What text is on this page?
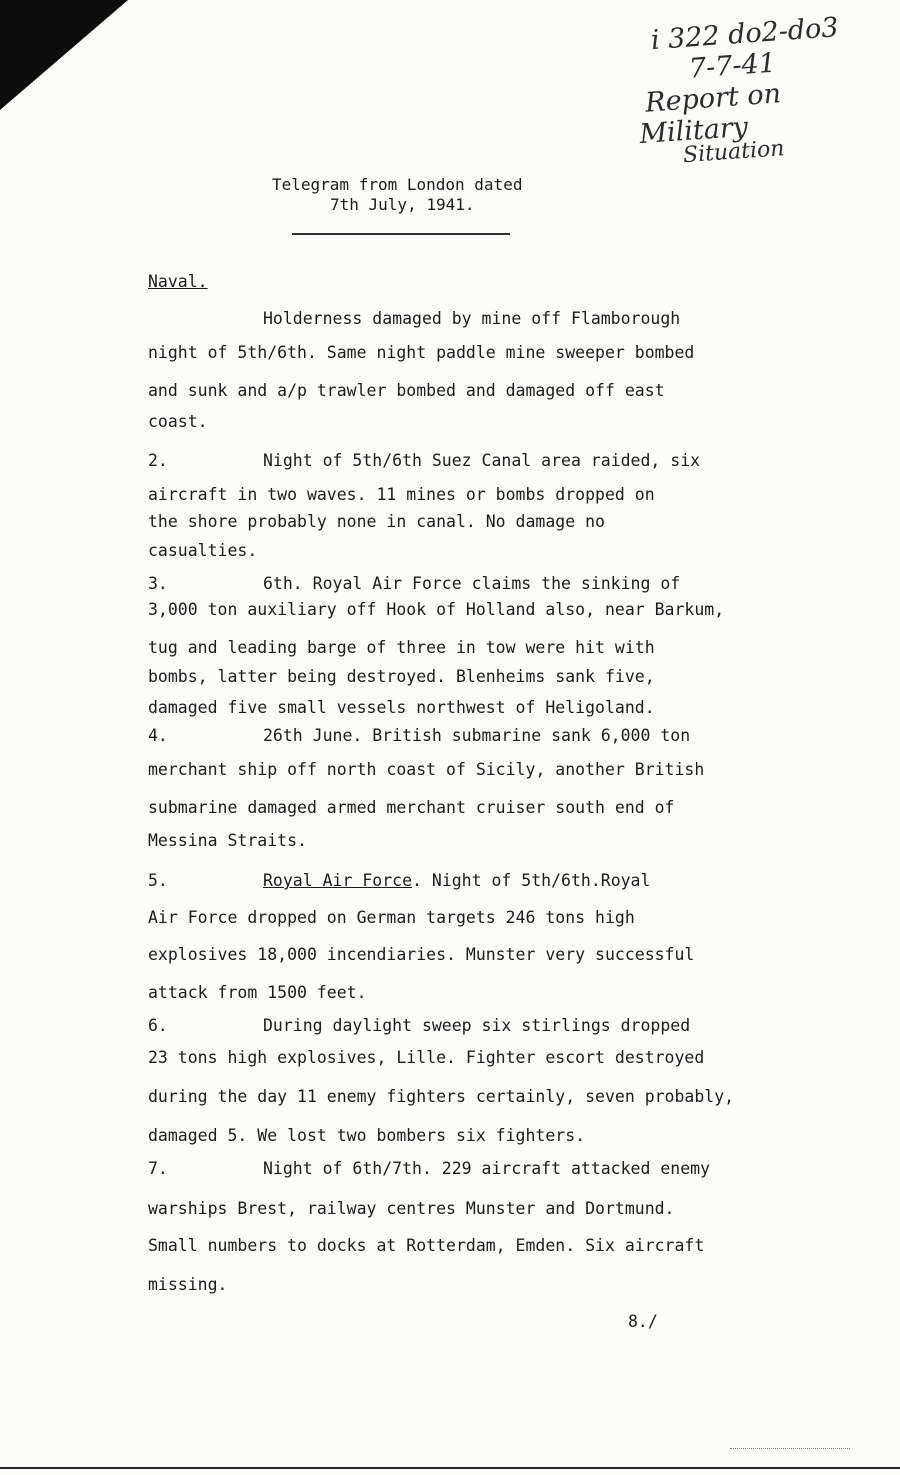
i 322 do2-do3
7-7-41
Report on
Military
Situation
Telegram from London dated
7th July, 1941.
Naval.
Holderness damaged by mine off Flamborough
night of 5th/6th. Same night paddle mine sweeper bombed
and sunk and a/p trawler bombed and damaged off east
coast.
2.	Night of 5th/6th Suez Canal area raided, six
aircraft in two waves. 11 mines or bombs dropped on
the shore probably none in canal. No damage no
casualties.
3.	6th. Royal Air Force claims the sinking of
3,000 ton auxiliary off Hook of Holland also, near Barkum,
tug and leading barge of three in tow were hit with
bombs, latter being destroyed. Blenheims sank five,
damaged five small vessels northwest of Heligoland.
4.	26th June. British submarine sank 6,000 ton
merchant ship off north coast of Sicily, another British
submarine damaged armed merchant cruiser south end of
Messina Straits.
5.	Royal Air Force. Night of 5th/6th.Royal
Air Force dropped on German targets 246 tons high
explosives 18,000 incendiaries. Munster very successful
attack from 1500 feet.
6.	During daylight sweep six stirlings dropped
23 tons high explosives, Lille. Fighter escort destroyed
during the day 11 enemy fighters certainly, seven probably,
damaged 5. We lost two bombers six fighters.
7.	Night of 6th/7th. 229 aircraft attacked enemy
warships Brest, railway centres Munster and Dortmund.
Small numbers to docks at Rotterdam, Emden. Six aircraft
missing.
8./
